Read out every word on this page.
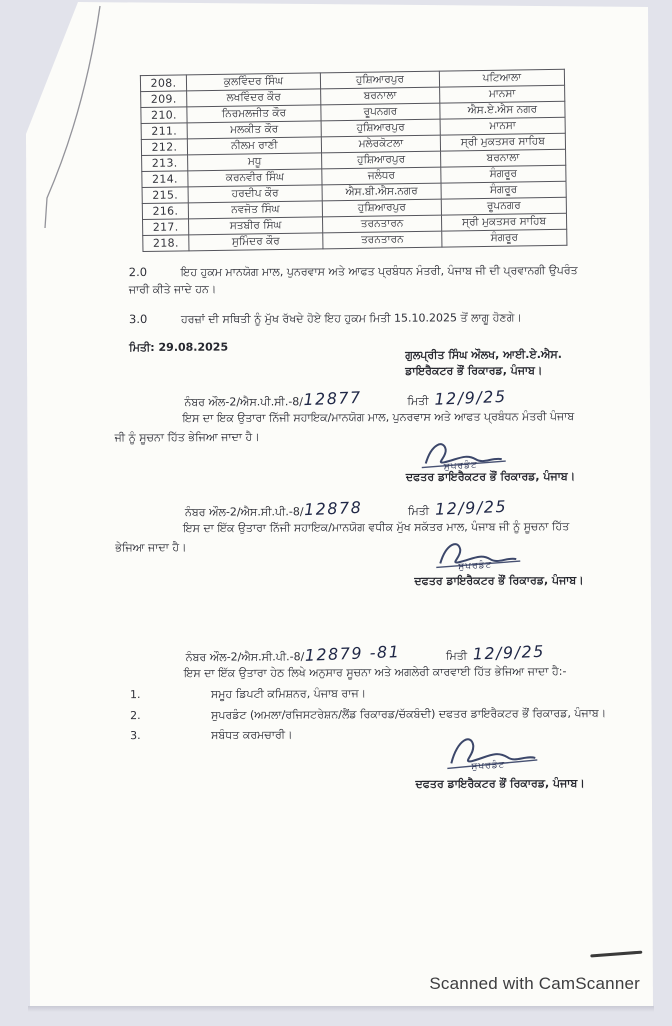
208.	ਕੁਲਵਿੰਦਰ ਸਿੰਘ	ਹੁਸ਼ਿਆਰਪੁਰ	ਪਟਿਆਲਾ
209.	ਲਖਵਿੰਦਰ ਕੌਰ	ਬਰਨਾਲਾ	ਮਾਨਸਾ
210.	ਨਿਰਮਲਜੀਤ ਕੌਰ	ਰੂਪਨਗਰ	ਐਸ.ਏ.ਐਸ ਨਗਰ
211.	ਮਲਕੀਤ ਕੌਰ	ਹੁਸ਼ਿਆਰਪੁਰ	ਮਾਨਸਾ
212.	ਨੀਲਮ ਰਾਣੀ	ਮਲੇਰਕੋਟਲਾ	ਸ੍ਰੀ ਮੁਕਤਸਰ ਸਾਹਿਬ
213.	ਮਧੂ	ਹੁਸ਼ਿਆਰਪੁਰ	ਬਰਨਾਲਾ
214.	ਕਰਨਵੀਰ ਸਿੰਘ	ਜਲੰਧਰ	ਸੰਗਰੂਰ
215.	ਹਰਦੀਪ ਕੌਰ	ਐਸ.ਬੀ.ਐਸ.ਨਗਰ	ਸੰਗਰੂਰ
216.	ਨਵਜੋਤ ਸਿੰਘ	ਹੁਸ਼ਿਆਰਪੁਰ	ਰੂਪਨਗਰ
217.	ਸਤਬੀਰ ਸਿੰਘ	ਤਰਨਤਾਰਨ	ਸ੍ਰੀ ਮੁਕਤਸਰ ਸਾਹਿਬ
218.	ਸੁਮਿੰਦਰ ਕੌਰ	ਤਰਨਤਾਰਨ	ਸੰਗਰੂਰ
2.0	ਇਹ ਹੁਕਮ ਮਾਨਯੋਗ ਮਾਲ, ਪੁਨਰਵਾਸ ਅਤੇ ਆਫਤ ਪ੍ਰਬੰਧਨ ਮੰਤਰੀ, ਪੰਜਾਬ ਜੀ ਦੀ ਪ੍ਰਵਾਨਗੀ ਉਪਰੰਤ ਜਾਰੀ ਕੀਤੇ ਜਾਦੇ ਹਨ।

3.0	ਹਰਜ਼ਾਂ ਦੀ ਸਥਿਤੀ ਨੂੰ ਮੁੱਖ ਰੱਖਦੇ ਹੋਏ ਇਹ ਹੁਕਮ ਮਿਤੀ 15.10.2025 ਤੋਂ ਲਾਗੂ ਹੋਣਗੇ।

ਮਿਤੀ: 29.08.2025
ਗੁਲਪ੍ਰੀਤ ਸਿੰਘ ਔਲਖ, ਆਈ.ਏ.ਐਸ.
ਡਾਇਰੈਕਟਰ ਭੌਂ ਰਿਕਾਰਡ, ਪੰਜਾਬ।
ਨੰਬਰ ਔਲ-2/ਐਸ.ਪੀ.ਸੀ.-8/12877	ਮਿਤੀ 12/9/25

ਇਸ ਦਾ ਇਕ ਉਤਾਰਾ ਨਿੱਜੀ ਸਹਾਇਕ/ਮਾਨਯੋਗ ਮਾਲ, ਪੁਨਰਵਾਸ ਅਤੇ ਆਫਤ ਪ੍ਰਬੰਧਨ ਮੰਤਰੀ ਪੰਜਾਬ ਜੀ ਨੂੰ ਸੂਚਨਾ ਹਿੱਤ ਭੇਜਿਆ ਜਾਦਾ ਹੈ।

ਸੁਪਰਡੰਟ
ਦਫਤਰ ਡਾਇਰੈਕਟਰ ਭੌਂ ਰਿਕਾਰਡ, ਪੰਜਾਬ।
ਨੰਬਰ ਔਲ-2/ਐਸ.ਸੀ.ਪੀ.-8/12878	ਮਿਤੀ 12/9/25

ਇਸ ਦਾ ਇੱਕ ਉਤਾਰਾ ਨਿੱਜੀ ਸਹਾਇਕ/ਮਾਨਯੋਗ ਵਧੀਕ ਮੁੱਖ ਸਕੱਤਰ ਮਾਲ, ਪੰਜਾਬ ਜੀ ਨੂੰ ਸੂਚਨਾ ਹਿੱਤ ਭੇਜਿਆ ਜਾਦਾ ਹੈ।

ਸੁਪਰਡੰਟ
ਦਫਤਰ ਡਾਇਰੈਕਟਰ ਭੌਂ ਰਿਕਾਰਡ, ਪੰਜਾਬ।
ਨੰਬਰ ਔਲ-2/ਐਸ.ਸੀ.ਪੀ.-8/12879 -81	ਮਿਤੀ 12/9/25

ਇਸ ਦਾ ਇੱਕ ਉਤਾਰਾ ਹੇਠ ਲਿਖੇ ਅਨੁਸਾਰ ਸੂਚਨਾ ਅਤੇ ਅਗਲੇਰੀ ਕਾਰਵਾਈ ਹਿੱਤ ਭੇਜਿਆ ਜਾਦਾ ਹੈ:-

1.	ਸਮੂਹ ਡਿਪਟੀ ਕਮਿਸ਼ਨਰ, ਪੰਜਾਬ ਰਾਜ।
2.	ਸੁਪਰਡੰਟ (ਅਮਲਾ/ਰਜਿਸਟਰੇਸ਼ਨ/ਲੈਂਡ ਰਿਕਾਰਡ/ਚੱਕਬੰਦੀ) ਦਫਤਰ ਡਾਇਰੈਕਟਰ ਭੌਂ ਰਿਕਾਰਡ, ਪੰਜਾਬ।
3.	ਸਬੰਧਤ ਕਰਮਚਾਰੀ।
ਸੁਪਰਡੰਟ
ਦਫਤਰ ਡਾਇਰੈਕਟਰ ਭੌਂ ਰਿਕਾਰਡ, ਪੰਜਾਬ।
Scanned with CamScanner
